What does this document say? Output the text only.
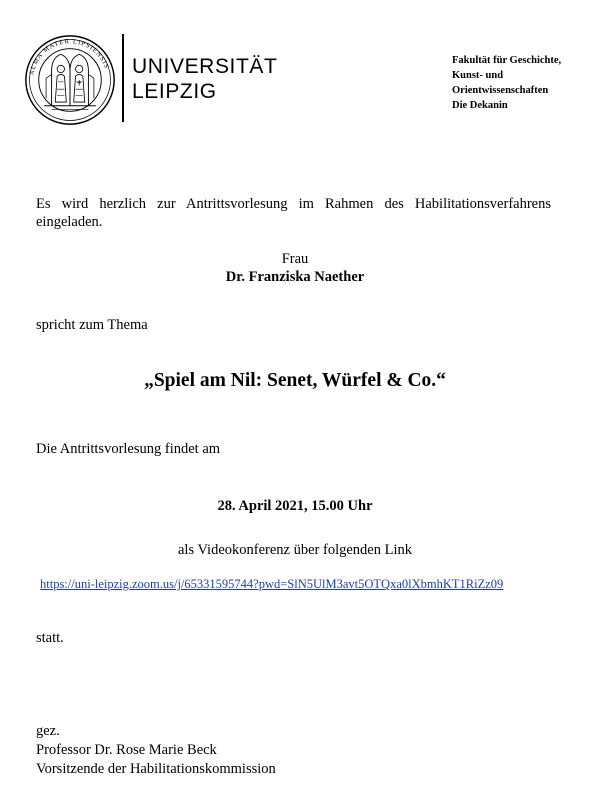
ALMA MATER LIPSIENSIS UNIVERSITÄT
LEIPZIG
Fakultät für Geschichte,
Kunst- und
Orientwissenschaften
Die Dekanin
Es wird herzlich zur Antrittsvorlesung im Rahmen des Habilitationsverfahrens eingeladen.
Frau
Dr. Franziska Naether
spricht zum Thema
„Spiel am Nil: Senet, Würfel & Co.“
Die Antrittsvorlesung findet am
28. April 2021, 15.00 Uhr
als Videokonferenz über folgenden Link
https://uni-leipzig.zoom.us/j/65331595744?pwd=SlN5UlM3avt5OTQxa0lXbmhKT1RiZz09
statt.
gez.
Professor Dr. Rose Marie Beck
Vorsitzende der Habilitationskommission
